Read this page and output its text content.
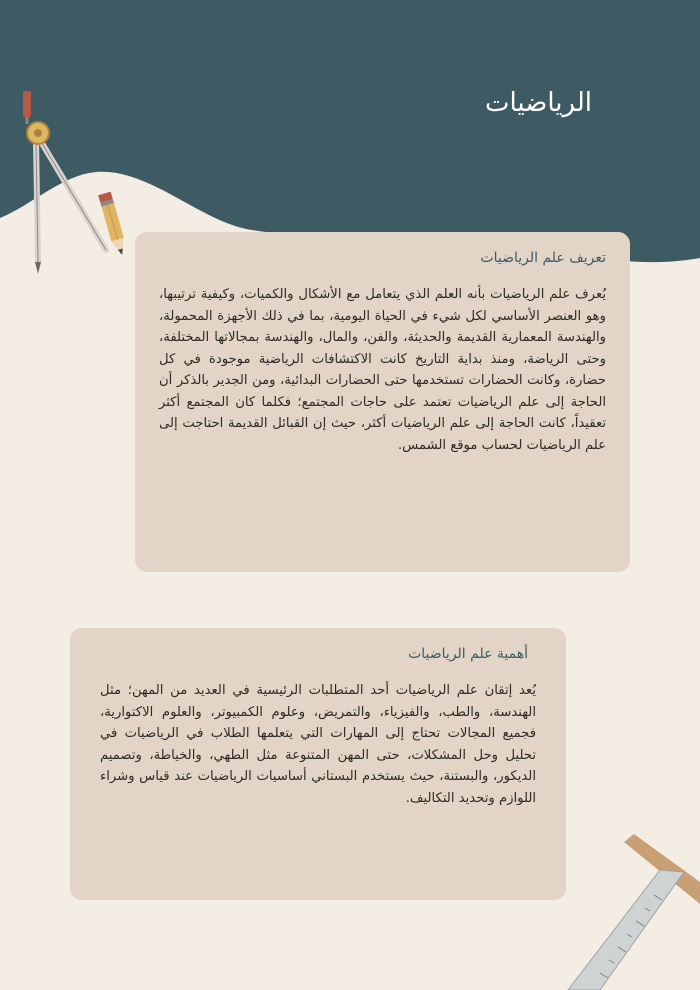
الرياضيات
تعريف علم الرياضيات

يُعرف علم الرياضيات بأنه العلم الذي يتعامل مع الأشكال والكميات، وكيفية ترتيبها، وهو العنصر الأساسي لكل شيء في الحياة اليومية، بما في ذلك الأجهزة المحمولة، والهندسة المعمارية القديمة والحديثة، والفن، والمال، والهندسة بمجالاتها المختلفة، وحتى الرياضة، ومنذ بداية التاريخ كانت الاكتشافات الرياضية موجودة في كل حضارة، وكانت الحضارات تستخدمها حتى الحضارات البدائية، ومن الجدير بالذكر أن الحاجة إلى علم الرياضيات تعتمد على حاجات المجتمع؛ فكلما كان المجتمع أكثر تعقيداً، كانت الحاجة إلى علم الرياضيات أكثر، حيث إن القبائل القديمة احتاجت إلى علم الرياضيات لحساب موقع الشمس.

أهمية علم الرياضيات

يُعد إتقان علم الرياضيات أحد المتطلبات الرئيسية في العديد من المهن؛ مثل الهندسة، والطب، والفيزياء، والتمريض، وعلوم الكمبيوتر، والعلوم الاكتوارية، فجميع المجالات تحتاج إلى المهارات التي يتعلمها الطلاب في الرياضيات في تحليل وحل المشكلات، حتى المهن المتنوعة مثل الطهي، والخياطة، وتصميم الديكور، والبستنة، حيث يستخدم البستاني أساسيات الرياضيات عند قياس وشراء اللوازم وتحديد التكاليف.
